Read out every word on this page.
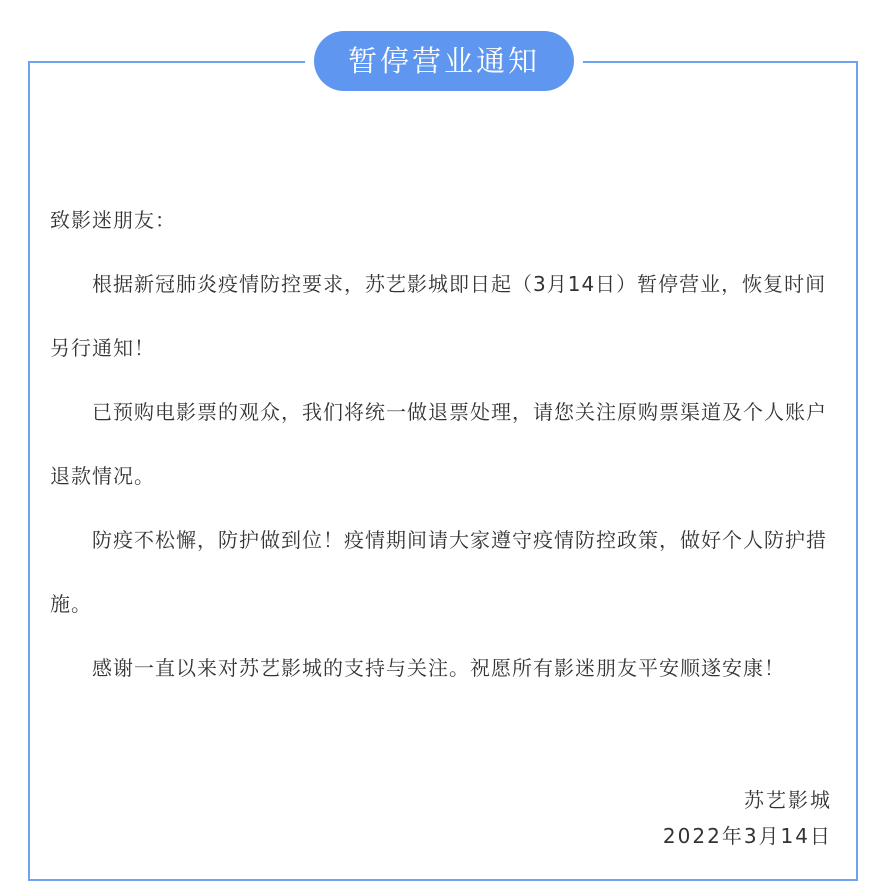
暂停营业通知

致影迷朋友：

根据新冠肺炎疫情防控要求，苏艺影城即日起（3月14日）暂停营业，恢复时间另行通知！

已预购电影票的观众，我们将统一做退票处理，请您关注原购票渠道及个人账户退款情况。

防疫不松懈，防护做到位！疫情期间请大家遵守疫情防控政策，做好个人防护措施。

感谢一直以来对苏艺影城的支持与关注。祝愿所有影迷朋友平安顺遂安康！

苏艺影城
2022年3月14日
